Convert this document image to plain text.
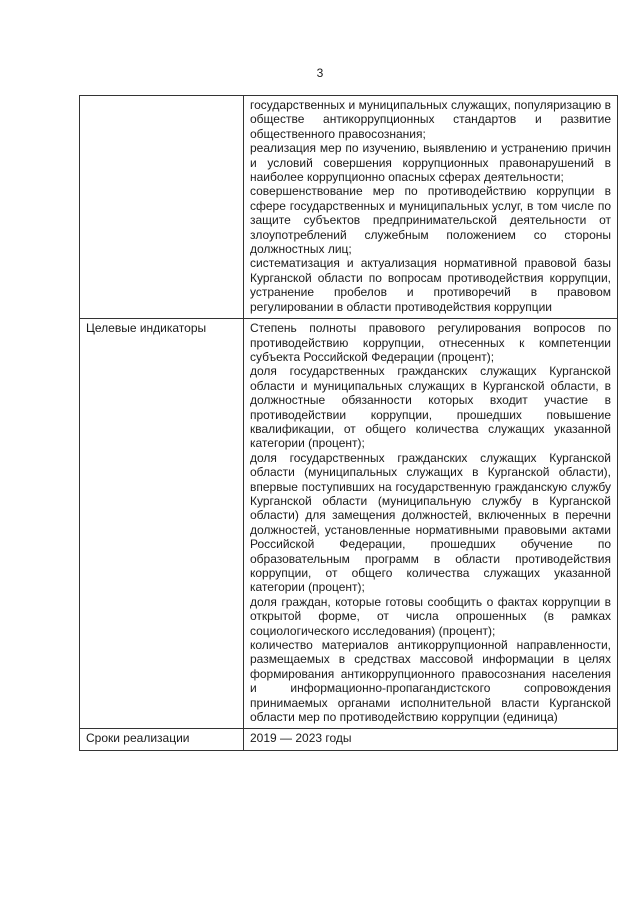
3

	государственных и муниципальных служащих, популяризацию в обществе антикоррупционных стандартов и развитие общественного правосознания;
реализация мер по изучению, выявлению и устранению причин и условий совершения коррупционных правонарушений в наиболее коррупционно опасных сферах деятельности;
совершенствование мер по противодействию коррупции в сфере государственных и муниципальных услуг, в том числе по защите субъектов предпринимательской деятельности от злоупотреблений служебным положением со стороны должностных лиц;
систематизация и актуализация нормативной правовой базы Курганской области по вопросам противодействия коррупции, устранение пробелов и противоречий в правовом регулировании в области противодействия коррупции

Целевые индикаторы	Степень полноты правового регулирования вопросов по противодействию коррупции, отнесенных к компетенции субъекта Российской Федерации (процент);
доля государственных гражданских служащих Курганской области и муниципальных служащих в Курганской области, в должностные обязанности которых входит участие в противодействии коррупции, прошедших повышение квалификации, от общего количества служащих указанной категории (процент);
доля государственных гражданских служащих Курганской области (муниципальных служащих в Курганской области), впервые поступивших на государственную гражданскую службу Курганской области (муниципальную службу в Курганской области) для замещения должностей, включенных в перечни должностей, установленные нормативными правовыми актами Российской Федерации, прошедших обучение по образовательным программ в области противодействия коррупции, от общего количества служащих указанной категории (процент);
доля граждан, которые готовы сообщить о фактах коррупции в открытой форме, от числа опрошенных (в рамках социологического исследования) (процент);
количество материалов антикоррупционной направленности, размещаемых в средствах массовой информации в целях формирования антикоррупционного правосознания населения и информационно-пропагандистского сопровождения принимаемых органами исполнительной власти Курганской области мер по противодействию коррупции (единица)

Сроки реализации	2019 — 2023 годы
